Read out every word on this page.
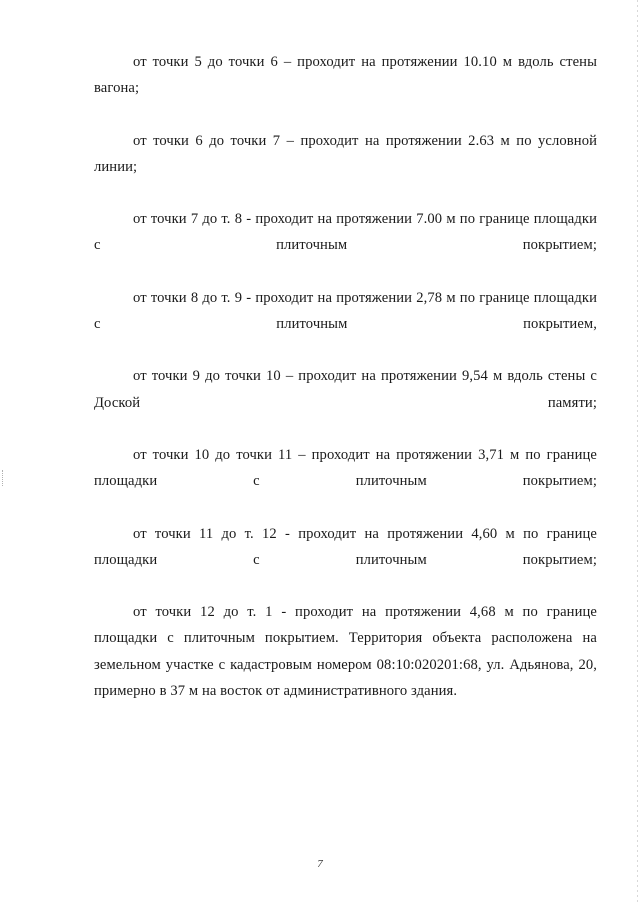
от точки 5 до точки 6 – проходит на протяжении 10.10 м вдоль стены вагона;

от точки 6 до точки 7 – проходит на протяжении 2.63 м по условной линии;

от точки 7 до т. 8 - проходит на протяжении 7.00 м по границе площадки с плиточным покрытием;

от точки 8 до т. 9 - проходит на протяжении 2,78 м по границе площадки с плиточным покрытием,

от точки 9 до точки 10 – проходит на протяжении 9,54 м вдоль стены с Доской памяти;

от точки 10 до точки 11 – проходит на протяжении 3,71 м по границе площадки с плиточным покрытием;

от точки 11 до т. 12 - проходит на протяжении 4,60 м по границе площадки с плиточным покрытием;

от точки 12 до т. 1 - проходит на протяжении 4,68 м по границе площадки с плиточным покрытием. Территория объекта расположена на земельном участке с кадастровым номером 08:10:020201:68, ул. Адьянова, 20, примерно в 37 м на восток от административного здания.

7
